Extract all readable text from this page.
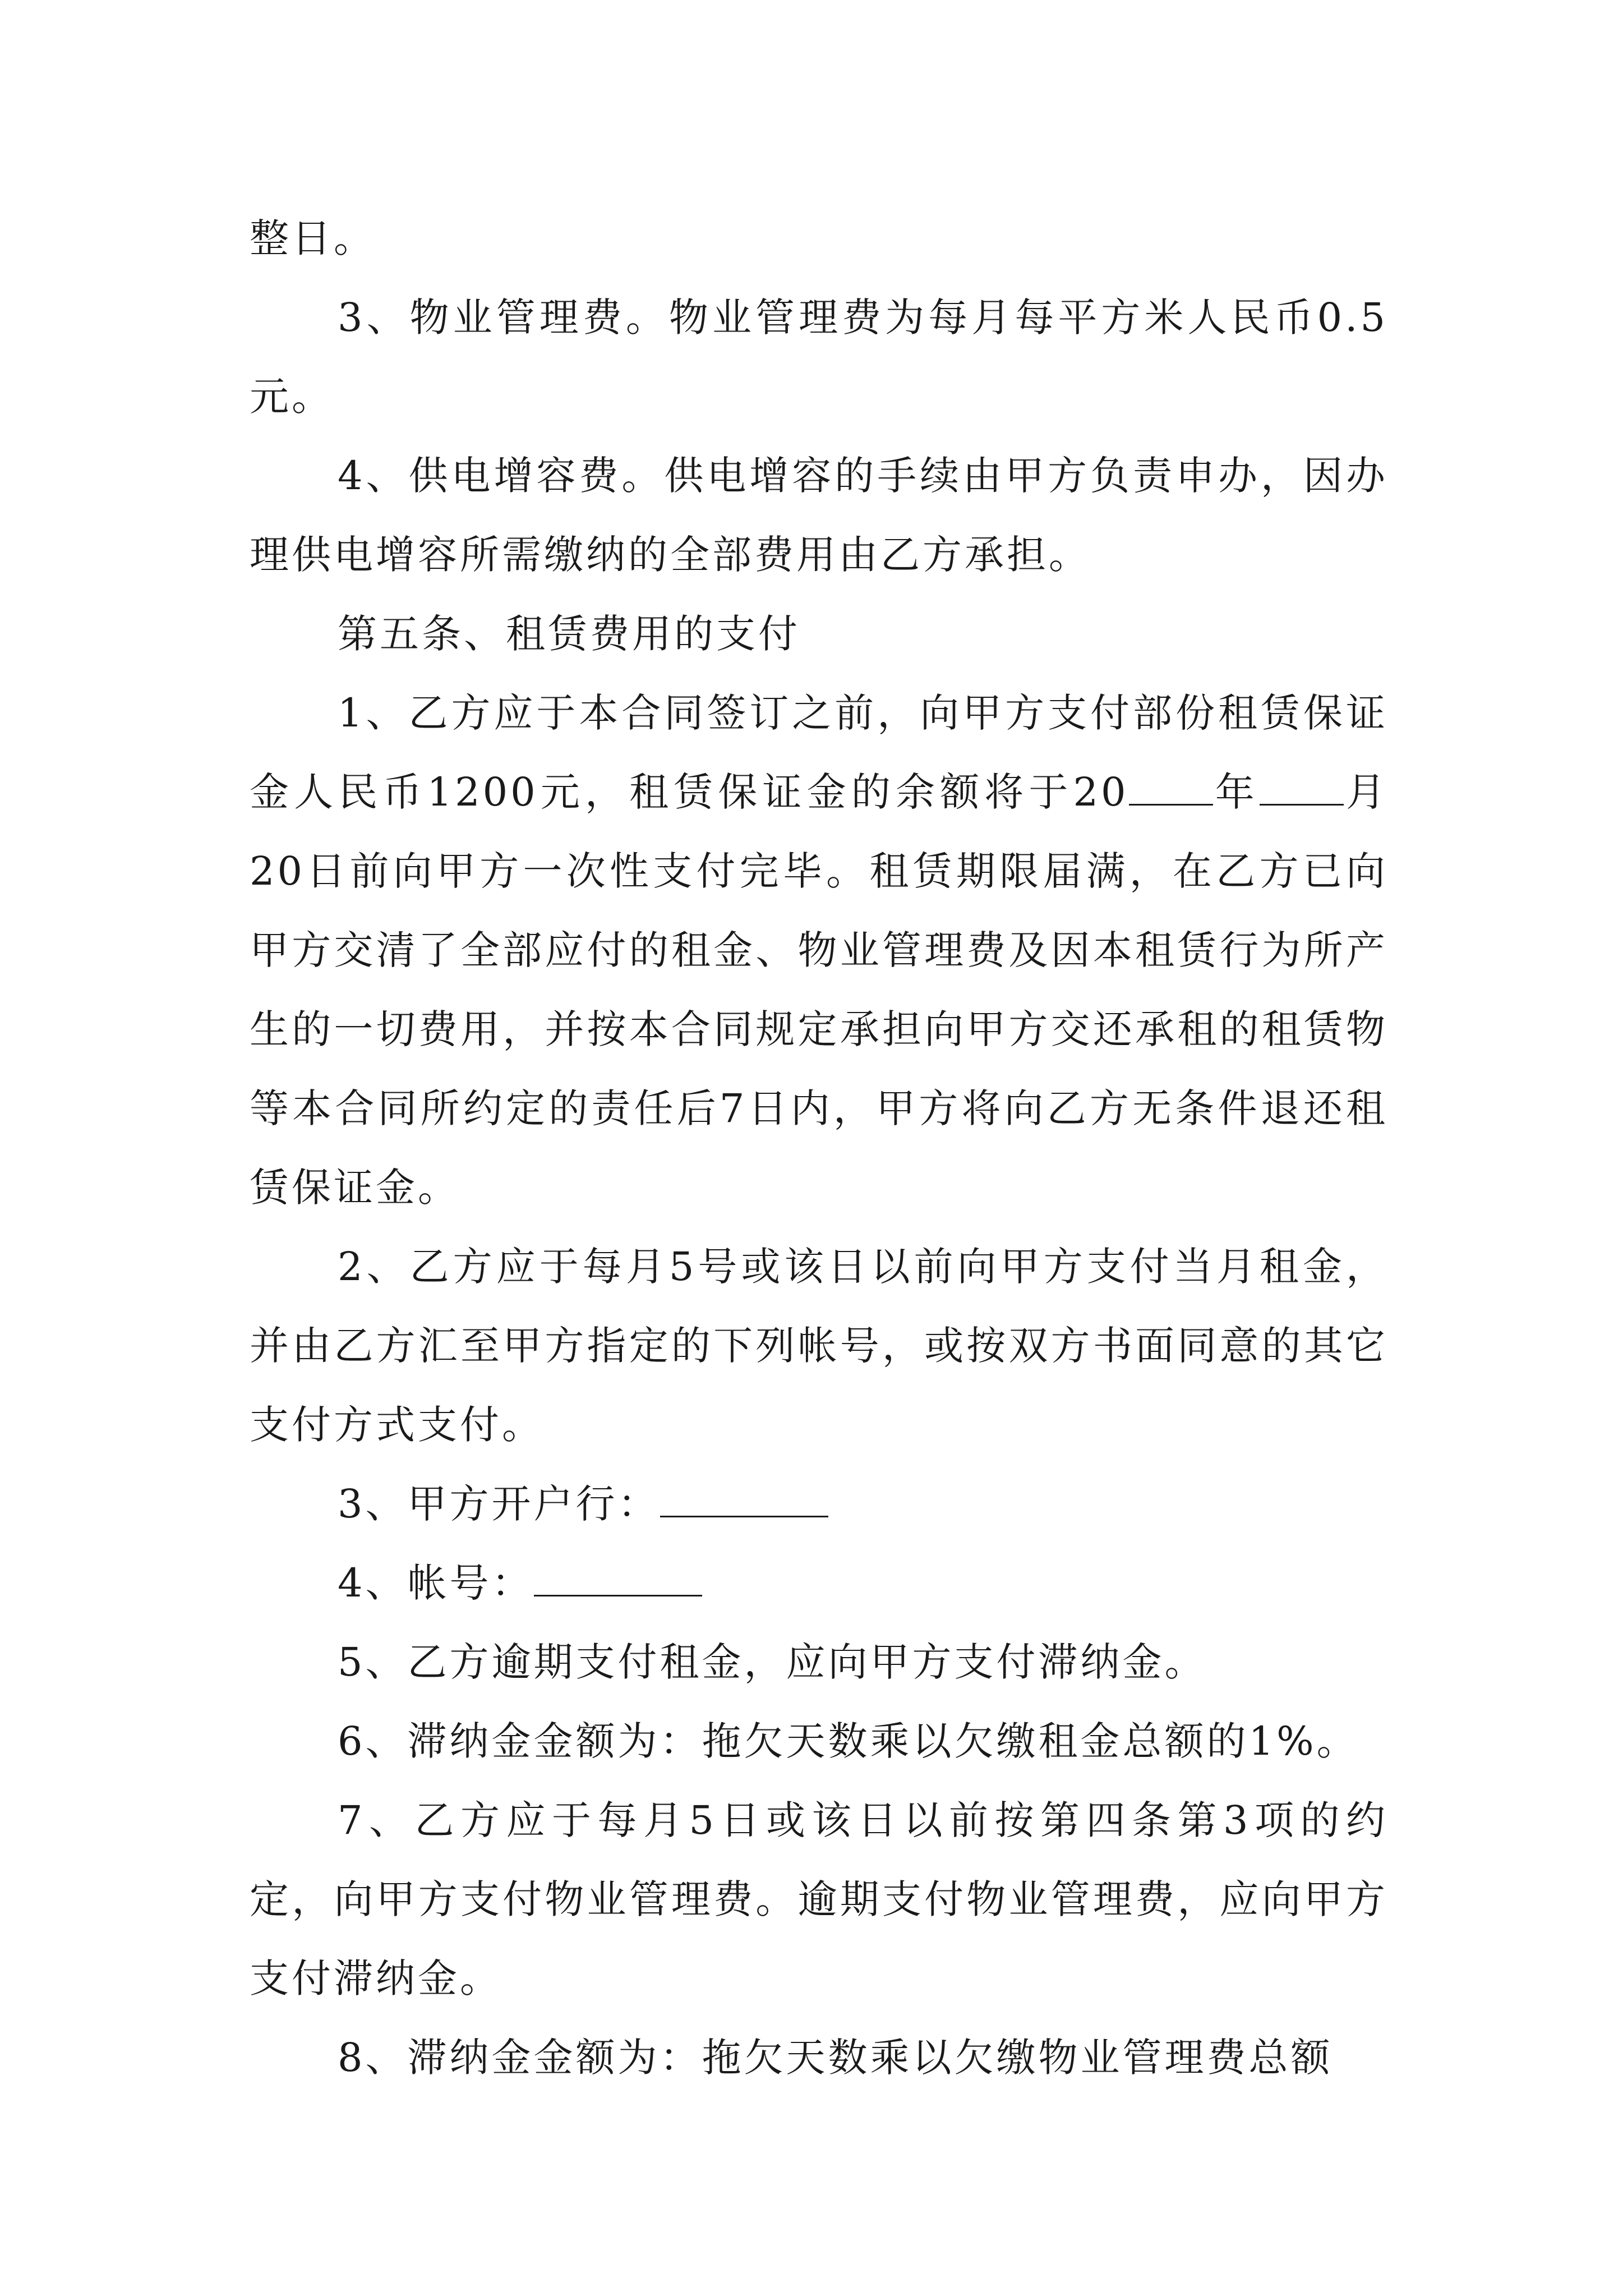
整日。

3、物业管理费。物业管理费为每月每平方米人民币0.5元。

4、供电增容费。供电增容的手续由甲方负责申办，因办理供电增容所需缴纳的全部费用由乙方承担。

第五条、租赁费用的支付

1、乙方应于本合同签订之前，向甲方支付部份租赁保证金人民币1200元，租赁保证金的余额将于20 年 月20日前向甲方一次性支付完毕。租赁期限届满，在乙方已向甲方交清了全部应付的租金、物业管理费及因本租赁行为所产生的一切费用，并按本合同规定承担向甲方交还承租的租赁物等本合同所约定的责任后7日内，甲方将向乙方无条件退还租赁保证金。

2、乙方应于每月5号或该日以前向甲方支付当月租金，并由乙方汇至甲方指定的下列帐号，或按双方书面同意的其它支付方式支付。

3、甲方开户行：

4、帐号：

5、乙方逾期支付租金，应向甲方支付滞纳金。

6、滞纳金金额为：拖欠天数乘以欠缴租金总额的1%。

7、乙方应于每月5日或该日以前按第四条第3项的约定，向甲方支付物业管理费。逾期支付物业管理费，应向甲方支付滞纳金。

8、滞纳金金额为：拖欠天数乘以欠缴物业管理费总额
